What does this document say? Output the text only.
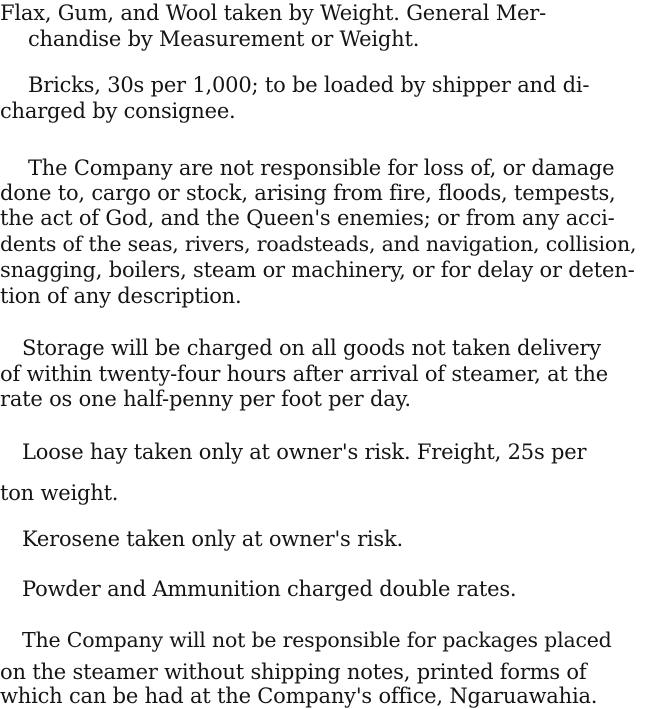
Flax, Gum, and Wool taken by Weight. General Mer-
chandise by Measurement or Weight.
Bricks, 30s per 1,000; to be loaded by shipper and di-
charged by consignee.
The Company are not responsible for loss of, or damage
done to, cargo or stock, arising from fire, floods, tempests,
the act of God, and the Queen's enemies; or from any acci-
dents of the seas, rivers, roadsteads, and navigation, collision,
snagging, boilers, steam or machinery, or for delay or deten-
tion of any description.
Storage will be charged on all goods not taken delivery
of within twenty-four hours after arrival of steamer, at the
rate os one half-penny per foot per day.
Loose hay taken only at owner's risk. Freight, 25s per
ton weight.
Kerosene taken only at owner's risk.
Powder and Ammunition charged double rates.
The Company will not be responsible for packages placed
on the steamer without shipping notes, printed forms of
which can be had at the Company's office, Ngaruawahia.
